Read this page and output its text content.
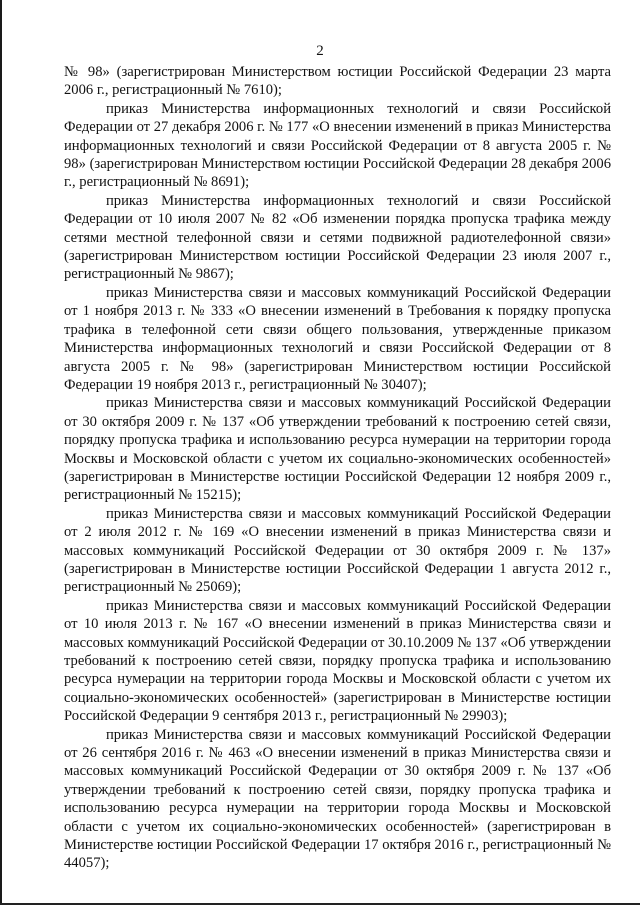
2

№ 98» (зарегистрирован Министерством юстиции Российской Федерации 23 марта 2006 г., регистрационный № 7610);

приказ Министерства информационных технологий и связи Российской Федерации от 27 декабря 2006 г. № 177 «О внесении изменений в приказ Министерства информационных технологий и связи Российской Федерации от 8 августа 2005 г. № 98» (зарегистрирован Министерством юстиции Российской Федерации 28 декабря 2006 г., регистрационный № 8691);

приказ Министерства информационных технологий и связи Российской Федерации от 10 июля 2007 № 82 «Об изменении порядка пропуска трафика между сетями местной телефонной связи и сетями подвижной радиотелефонной связи» (зарегистрирован Министерством юстиции Российской Федерации 23 июля 2007 г., регистрационный № 9867);

приказ Министерства связи и массовых коммуникаций Российской Федерации от 1 ноября 2013 г. № 333 «О внесении изменений в Требования к порядку пропуска трафика в телефонной сети связи общего пользования, утвержденные приказом Министерства информационных технологий и связи Российской Федерации от 8 августа 2005 г. № 98» (зарегистрирован Министерством юстиции Российской Федерации 19 ноября 2013 г., регистрационный № 30407);

приказ Министерства связи и массовых коммуникаций Российской Федерации от 30 октября 2009 г. № 137 «Об утверждении требований к построению сетей связи, порядку пропуска трафика и использованию ресурса нумерации на территории города Москвы и Московской области с учетом их социально-экономических особенностей» (зарегистрирован в Министерстве юстиции Российской Федерации 12 ноября 2009 г., регистрационный № 15215);

приказ Министерства связи и массовых коммуникаций Российской Федерации от 2 июля 2012 г. № 169 «О внесении изменений в приказ Министерства связи и массовых коммуникаций Российской Федерации от 30 октября 2009 г. № 137» (зарегистрирован в Министерстве юстиции Российской Федерации 1 августа 2012 г., регистрационный № 25069);

приказ Министерства связи и массовых коммуникаций Российской Федерации от 10 июля 2013 г. № 167 «О внесении изменений в приказ Министерства связи и массовых коммуникаций Российской Федерации от 30.10.2009 № 137 «Об утверждении требований к построению сетей связи, порядку пропуска трафика и использованию ресурса нумерации на территории города Москвы и Московской области с учетом их социально-экономических особенностей» (зарегистрирован в Министерстве юстиции Российской Федерации 9 сентября 2013 г., регистрационный № 29903);

приказ Министерства связи и массовых коммуникаций Российской Федерации от 26 сентября 2016 г. № 463 «О внесении изменений в приказ Министерства связи и массовых коммуникаций Российской Федерации от 30 октября 2009 г. № 137 «Об утверждении требований к построению сетей связи, порядку пропуска трафика и использованию ресурса нумерации на территории города Москвы и Московской области с учетом их социально-экономических особенностей» (зарегистрирован в Министерстве юстиции Российской Федерации 17 октября 2016 г., регистрационный № 44057);
